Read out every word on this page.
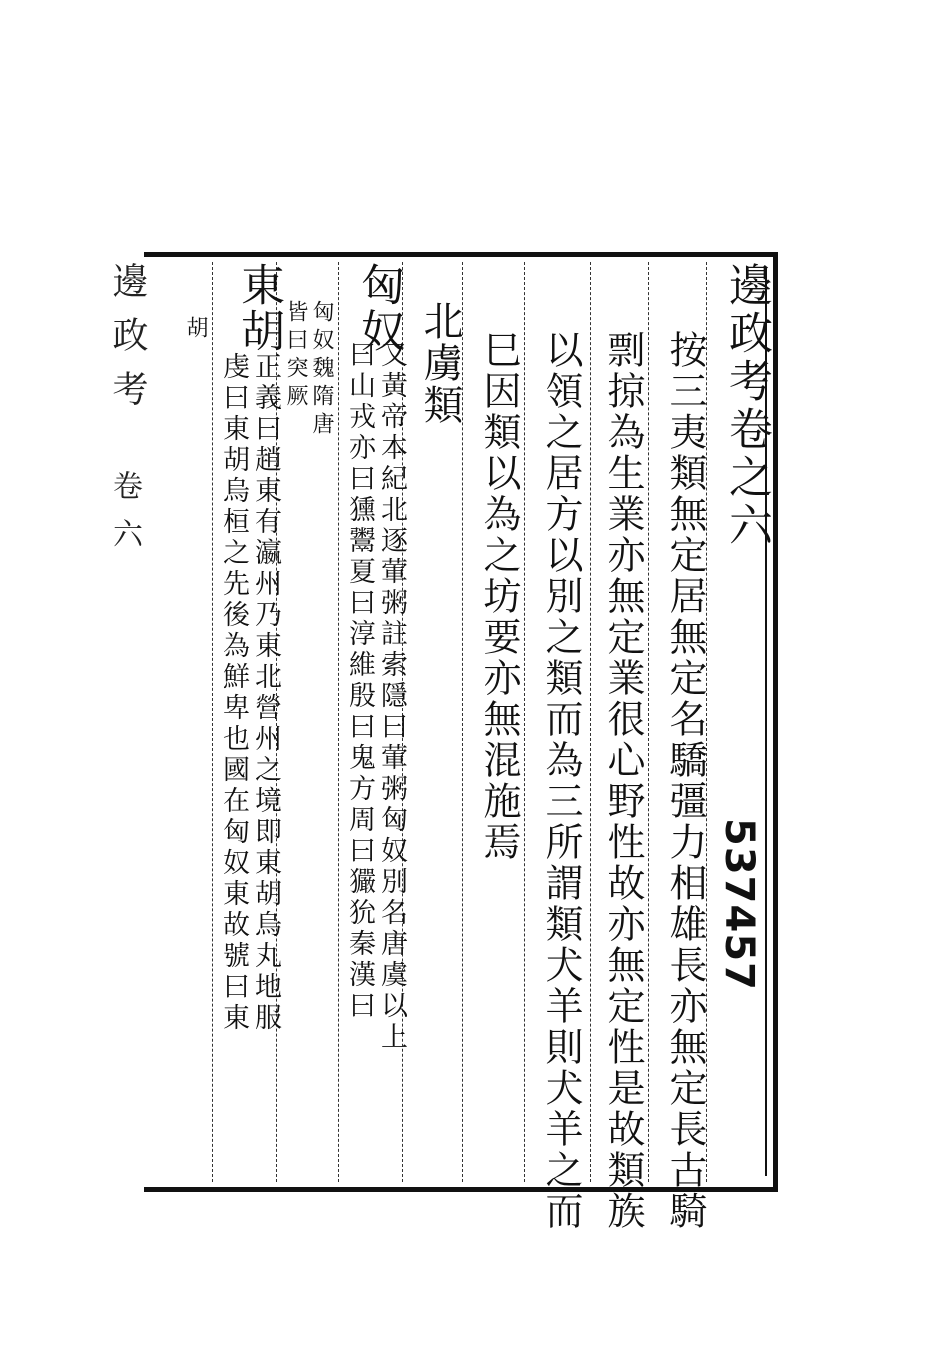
邊政考
卷六
胡	邊政考卷之六
537457
按三夷類無定居無定名驕彊力相雄長亦無定長古騎
剽掠為生業亦無定業很心野性故亦無定性是故類族
以領之居方以別之類而為三所謂類犬羊則犬羊之而
巳因類以為之坊要亦無混施焉
北虜類
匈奴
又黃帝本紀北逐葷粥註索隱曰葷粥匈奴別名唐虞以上
曰山戎亦曰獯鬻夏曰淳維殷曰鬼方周曰玁狁秦漢曰
匈奴魏隋唐
皆曰突厥
東胡
正義曰趙東有瀛州乃東北營州之境即東胡烏丸地服
虔曰東胡烏桓之先後為鮮卑也國在匈奴東故號曰東
